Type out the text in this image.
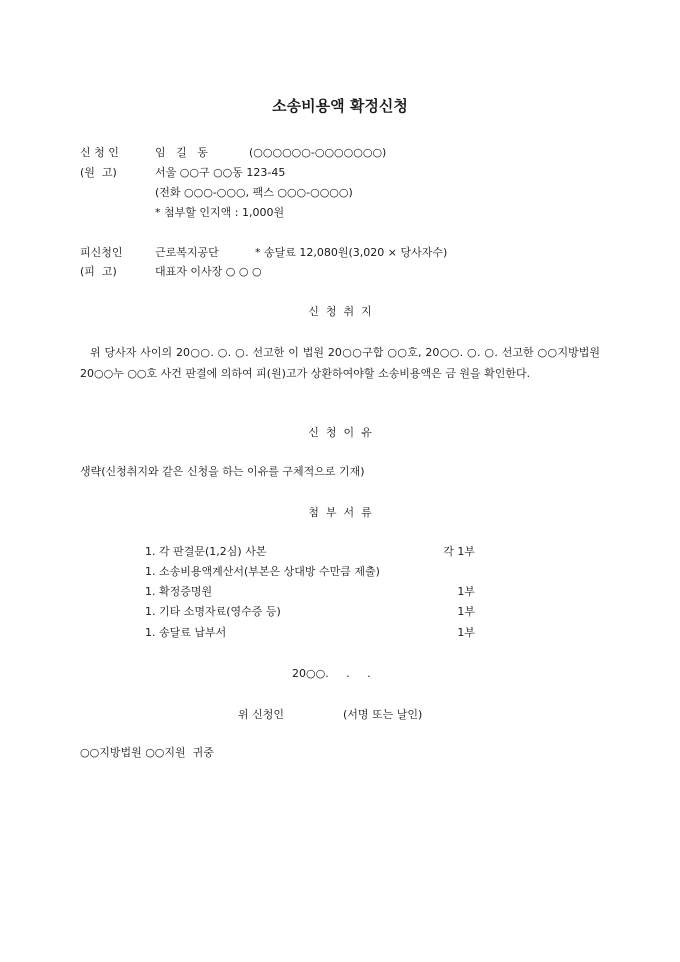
소송비용액 확정신청
신 청 인	임   길   동	(○○○○○○-○○○○○○○)
(원  고)	서울 ○○구 ○○동 123-45
(전화 ○○○-○○○, 팩스 ○○○-○○○○)
* 첨부할 인지액 : 1,000원
피신청인	근로복지공단	* 송달료 12,080원(3,020 × 당사자수)
(피  고)	대표자 이사장 ○ ○ ○
신  청  취  지
위 당사자 사이의 20○○. ○. ○. 선고한 이 법원 20○○구합 ○○호, 20○○. ○. ○. 선고한 ○○지방법원 20○○누 ○○호 사건 판결에 의하여 피(원)고가 상환하여야할 소송비용액은 금 원을 확인한다.
신  청  이  유
생략(신청취지와 같은 신청을 하는 이유를 구체적으로 기재)
첨  부  서  류
1. 각 판결문(1,2심) 사본	각 1부
1. 소송비용액계산서(부본은 상대방 수만큼 제출)
1. 확정증명원	1부
1. 기타 소명자료(영수증 등)	1부
1. 송달료 납부서	1부
20○○.     .     .
위 신청인	(서명 또는 날인)
○○지방법원 ○○지원  귀중
